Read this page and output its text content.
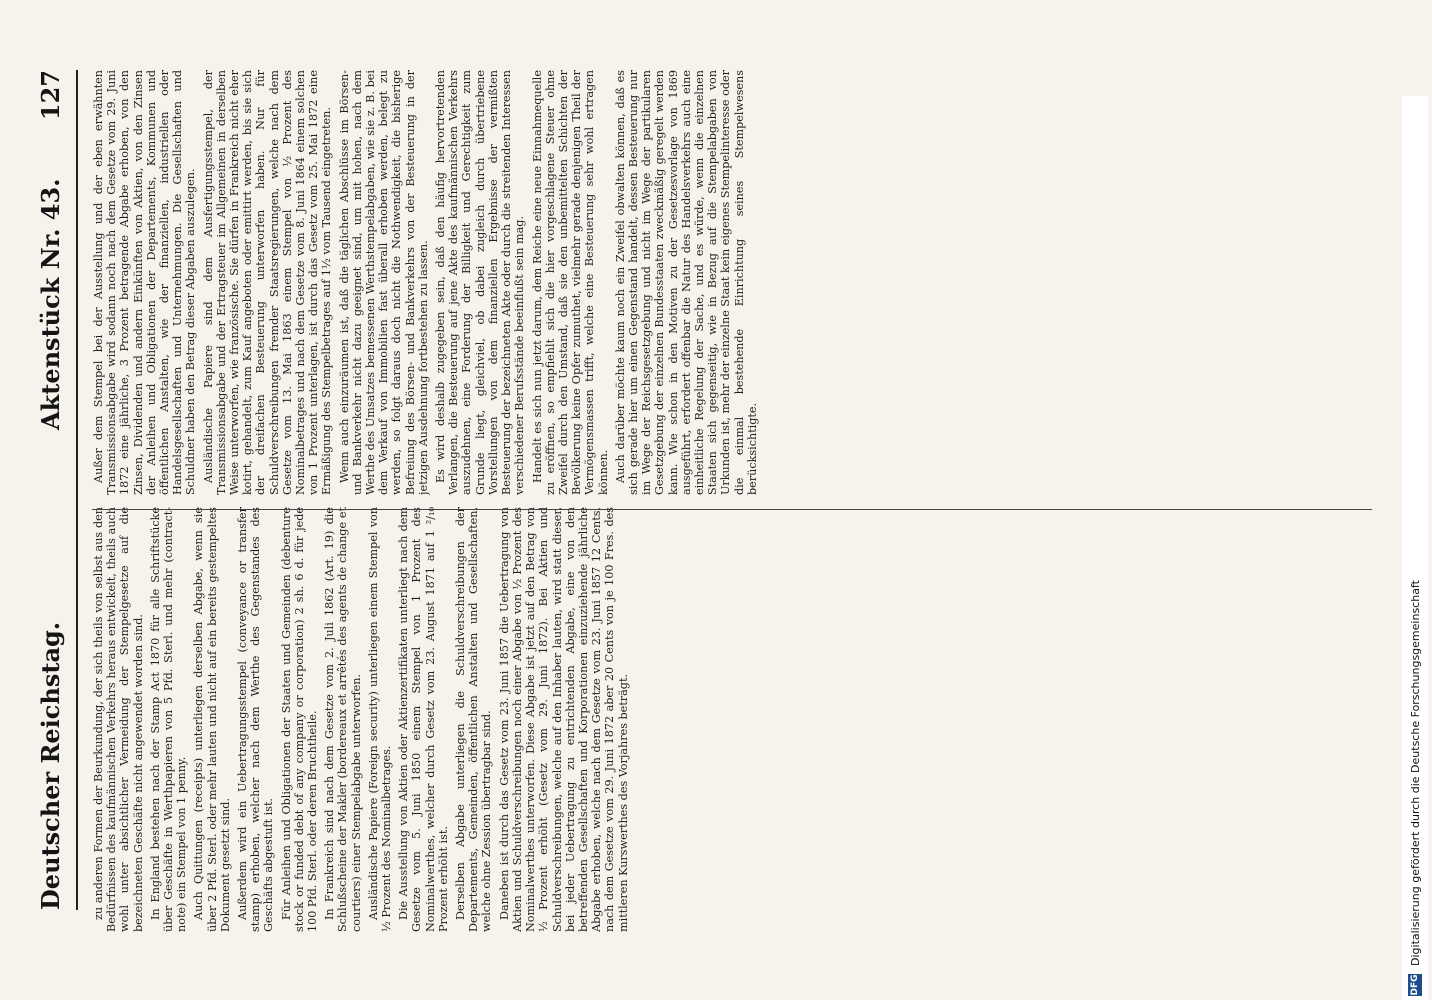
Deutscher Reichstag.
Aktenstück Nr. 43.
127

zu anderen Formen der Beurkundung, der sich theils von selbst aus den Bedürfnissen des kaufmännischen Verkehrs heraus entwickelt, theils auch wohl unter absichtlicher Vermeidung der Stempelgesetze auf die bezeichneten Geschäfte nicht angewendet worden sind. In England bestehen nach der Stamp Act 1870 für alle Schriftstücke über Geschäfte in Werthpapieren von 5 Pfd. Sterl. und mehr (contract-note) ein Stempel von 1 penny. Auch Quittungen (receipts) unterliegen derselben Abgabe, wenn sie über 2 Pfd. Sterl. oder mehr lauten und nicht auf ein bereits gestempeltes Dokument gesetzt sind. Außerdem wird ein Uebertragungsstempel (conveyance or transfer stamp) erhoben, welcher nach dem Werthe des Gegenstandes des Geschäfts abgestuft ist. Für Anleihen und Obligationen der Staaten und Gemeinden (debenture stock or funded debt of any company or corporation) 2 sh. 6 d. für jede 100 Pfd. Sterl. oder deren Bruchtheile. In Frankreich sind nach dem Gesetze vom 2. Juli 1862 (Art. 19) die Schlußscheine der Makler (bordereaux et arrêtés des agents de change et courtiers) einer Stempelabgabe unterworfen. Ausländische Papiere (Foreign security) unterliegen einem Stempel von ½ Prozent des Nominalbetrages. Die Ausstellung von Aktien oder Aktienzertifikaten unterliegt nach dem Gesetze vom 5. Juni 1850 einem Stempel von 1 Prozent des Nominalwerthes, welcher durch Gesetz vom 23. August 1871 auf 1 ²/₁₀ Prozent erhöht ist. Derselben Abgabe unterliegen die Schuldverschreibungen der Departements, Gemeinden, öffentlichen Anstalten und Gesellschaften, welche ohne Zession übertragbar sind. Daneben ist durch das Gesetz vom 23. Juni 1857 die Uebertragung von Aktien und Schuldverschreibungen noch einer Abgabe von ½ Prozent des Nominalwerthes unterworfen. Diese Abgabe ist jetzt auf den Betrag von ½ Prozent erhöht (Gesetz vom 29. Juni 1872). Bei Aktien und Schuldverschreibungen, welche auf den Inhaber lauten, wird statt dieser, bei jeder Uebertragung zu entrichtenden Abgabe, eine von den betreffenden Gesellschaften und Korporationen einzuziehende jährliche Abgabe erhoben, welche nach dem Gesetze vom 23. Juni 1857 12 Cents, nach dem Gesetze vom 29. Juni 1872 aber 20 Cents von je 100 Fres. des mittleren Kurswerthes des Vorjahres beträgt.

Außer dem Stempel bei der Ausstellung und der eben erwähnten Transmissionsabgabe wird sodann noch nach dem Gesetze vom 29. Juni 1872 eine jährliche, 3 Prozent betragende Abgabe erhoben, von den Zinsen, Dividenden und andern Einkünften von Aktien, von den Zinsen der Anleihen und Obligationen der Departements, Kommunen und öffentlichen Anstalten, wie der finanziellen, industriellen oder Handelsgesellschaften und Unternehmungen. Die Gesellschaften und Schuldner haben den Betrag dieser Abgaben auszulegen. Ausländische Papiere sind dem Ausfertigungsstempel, der Transmissionsabgabe und der Ertragsteuer im Allgemeinen in derselben Weise unterworfen, wie französische. Sie dürfen in Frankreich nicht eher kotirt, gehandelt, zum Kauf angeboten oder emittirt werden, bis sie sich der dreifachen Besteuerung unterworfen haben. Nur für Schuldverschreibungen fremder Staatsregierungen, welche nach dem Gesetze vom 13. Mai 1863 einem Stempel von ½ Prozent des Nominalbetrages und nach dem Gesetze vom 8. Juni 1864 einem solchen von 1 Prozent unterlagen, ist durch das Gesetz vom 25. Mai 1872 eine Ermäßigung des Stempelbetrages auf 1½ vom Tausend eingetreten. Wenn auch einzuräumen ist, daß die täglichen Abschlüsse im Börsen- und Bankverkehr nicht dazu geeignet sind, um mit hohen, nach dem Werthe des Umsatzes bemessenen Werthstempelabgaben, wie sie z. B. bei dem Verkauf von Immobilien fast überall erhoben werden, belegt zu werden, so folgt daraus doch nicht die Nothwendigkeit, die bisherige Befreiung des Börsen- und Bankverkehrs von der Besteuerung in der jetzigen Ausdehnung fortbestehen zu lassen. Es wird deshalb zugegeben sein, daß den häufig hervortretenden Verlangen, die Besteuerung auf jene Akte des kaufmännischen Verkehrs auszudehnen, eine Forderung der Billigkeit und Gerechtigkeit zum Grunde liegt, gleichviel, ob dabei zugleich durch übertriebene Vorstellungen von dem finanziellen Ergebnisse der vermißten Besteuerung der bezeichneten Akte oder durch die streitenden Interessen verschiedener Berufsstände beeinflußt sein mag. Handelt es sich nun jetzt darum, dem Reiche eine neue Einnahmequelle zu eröffnen, so empfiehlt sich die hier vorgeschlagene Steuer ohne Zweifel durch den Umstand, daß sie den unbemittelten Schichten der Bevölkerung keine Opfer zumuthet, vielmehr gerade denjenigen Theil der Vermögensmassen trifft, welche eine Besteuerung sehr wohl ertragen können. Auch darüber möchte kaum noch ein Zweifel obwalten können, daß es sich gerade hier um einen Gegenstand handelt, dessen Besteuerung nur im Wege der Reichsgesetzgebung und nicht im Wege der partikularen Gesetzgebung der einzelnen Bundesstaaten zweckmäßig geregelt werden kann. Wie schon in den Motiven zu der Gesetzesvorlage von 1869 ausgeführt, erfordert offenbar die Natur des Handelsverkehrs auch eine einheitliche Regelung der Sache, und es würde, wenn die einzelnen Staaten sich gegenseitig, wie in Bezug auf die Stempelabgaben von Urkunden ist, mehr der einzelne Staat kein eigenes Stempelinteresse oder die einmal bestehende Einrichtung seines Stempelwesens berücksichtigte.

DFG
Digitalisierung gefördert durch die Deutsche Forschungsgemeinschaft
